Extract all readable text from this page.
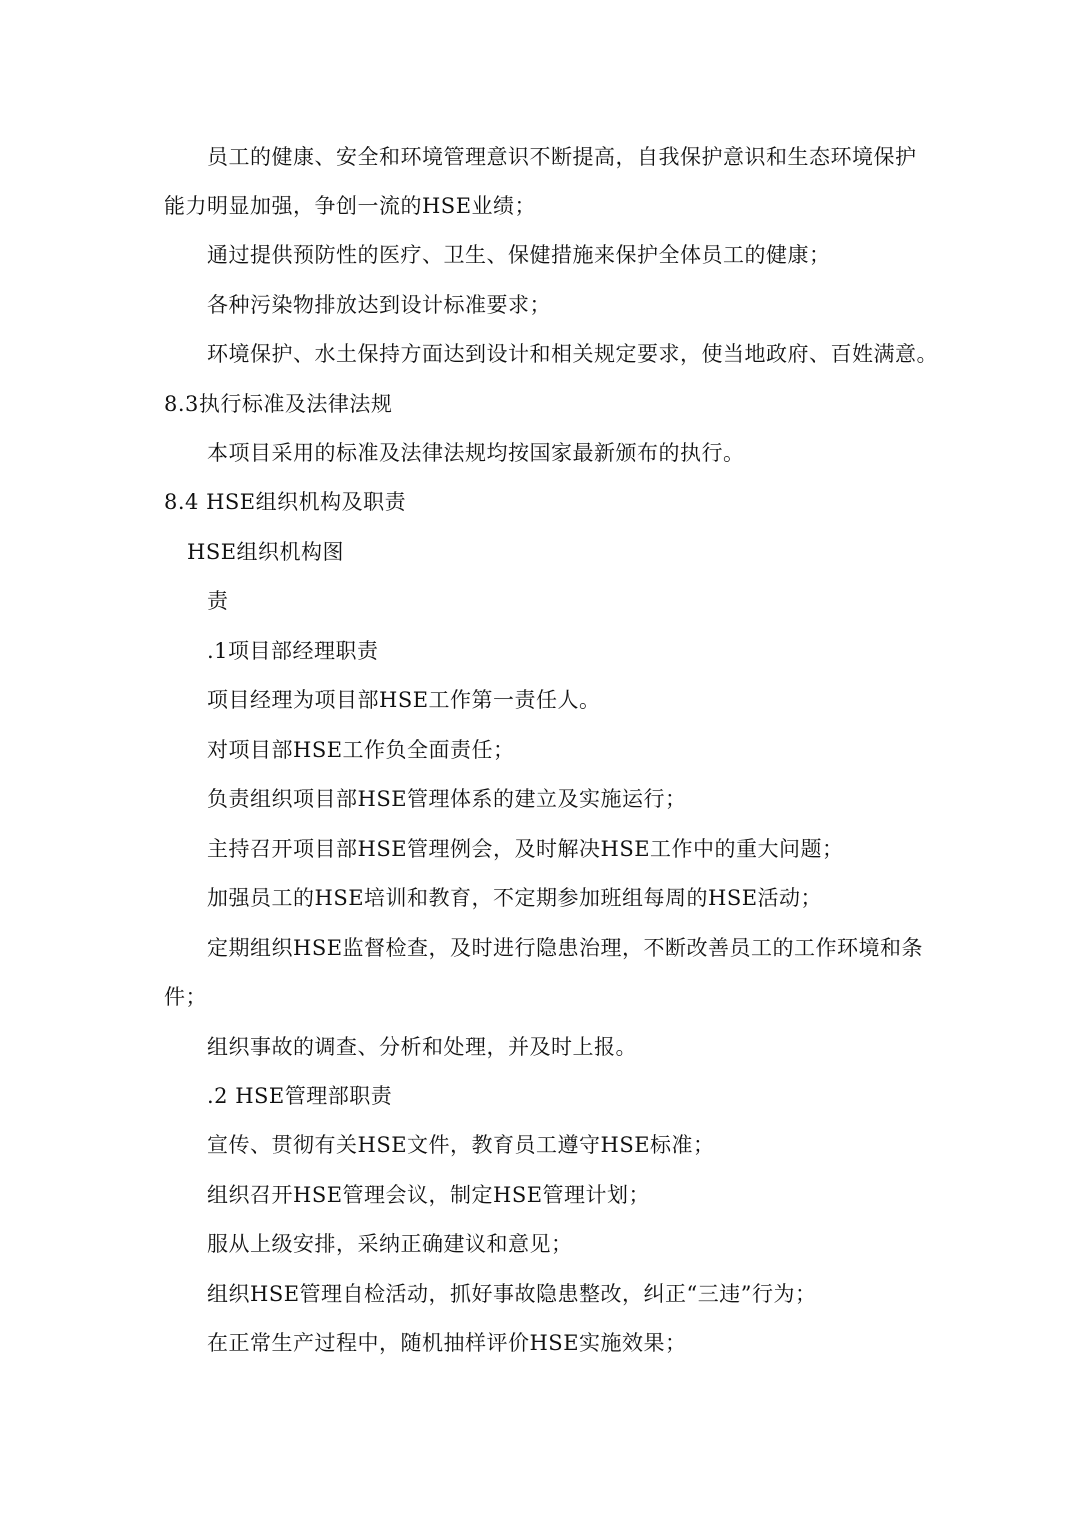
员工的健康、安全和环境管理意识不断提高，自我保护意识和生态环境保护
能力明显加强，争创一流的HSE业绩；
通过提供预防性的医疗、卫生、保健措施来保护全体员工的健康；
各种污染物排放达到设计标准要求；
环境保护、水土保持方面达到设计和相关规定要求，使当地政府、百姓满意。
8.3执行标准及法律法规
本项目采用的标准及法律法规均按国家最新颁布的执行。
8.4 HSE组织机构及职责
HSE组织机构图
责
.1项目部经理职责
项目经理为项目部HSE工作第一责任人。
对项目部HSE工作负全面责任；
负责组织项目部HSE管理体系的建立及实施运行；
主持召开项目部HSE管理例会，及时解决HSE工作中的重大问题；
加强员工的HSE培训和教育，不定期参加班组每周的HSE活动；
定期组织HSE监督检查，及时进行隐患治理，不断改善员工的工作环境和条
件；
组织事故的调查、分析和处理，并及时上报。
.2 HSE管理部职责
宣传、贯彻有关HSE文件，教育员工遵守HSE标准；
组织召开HSE管理会议，制定HSE管理计划；
服从上级安排，采纳正确建议和意见；
组织HSE管理自检活动，抓好事故隐患整改，纠正“三违”行为；
在正常生产过程中，随机抽样评价HSE实施效果；
